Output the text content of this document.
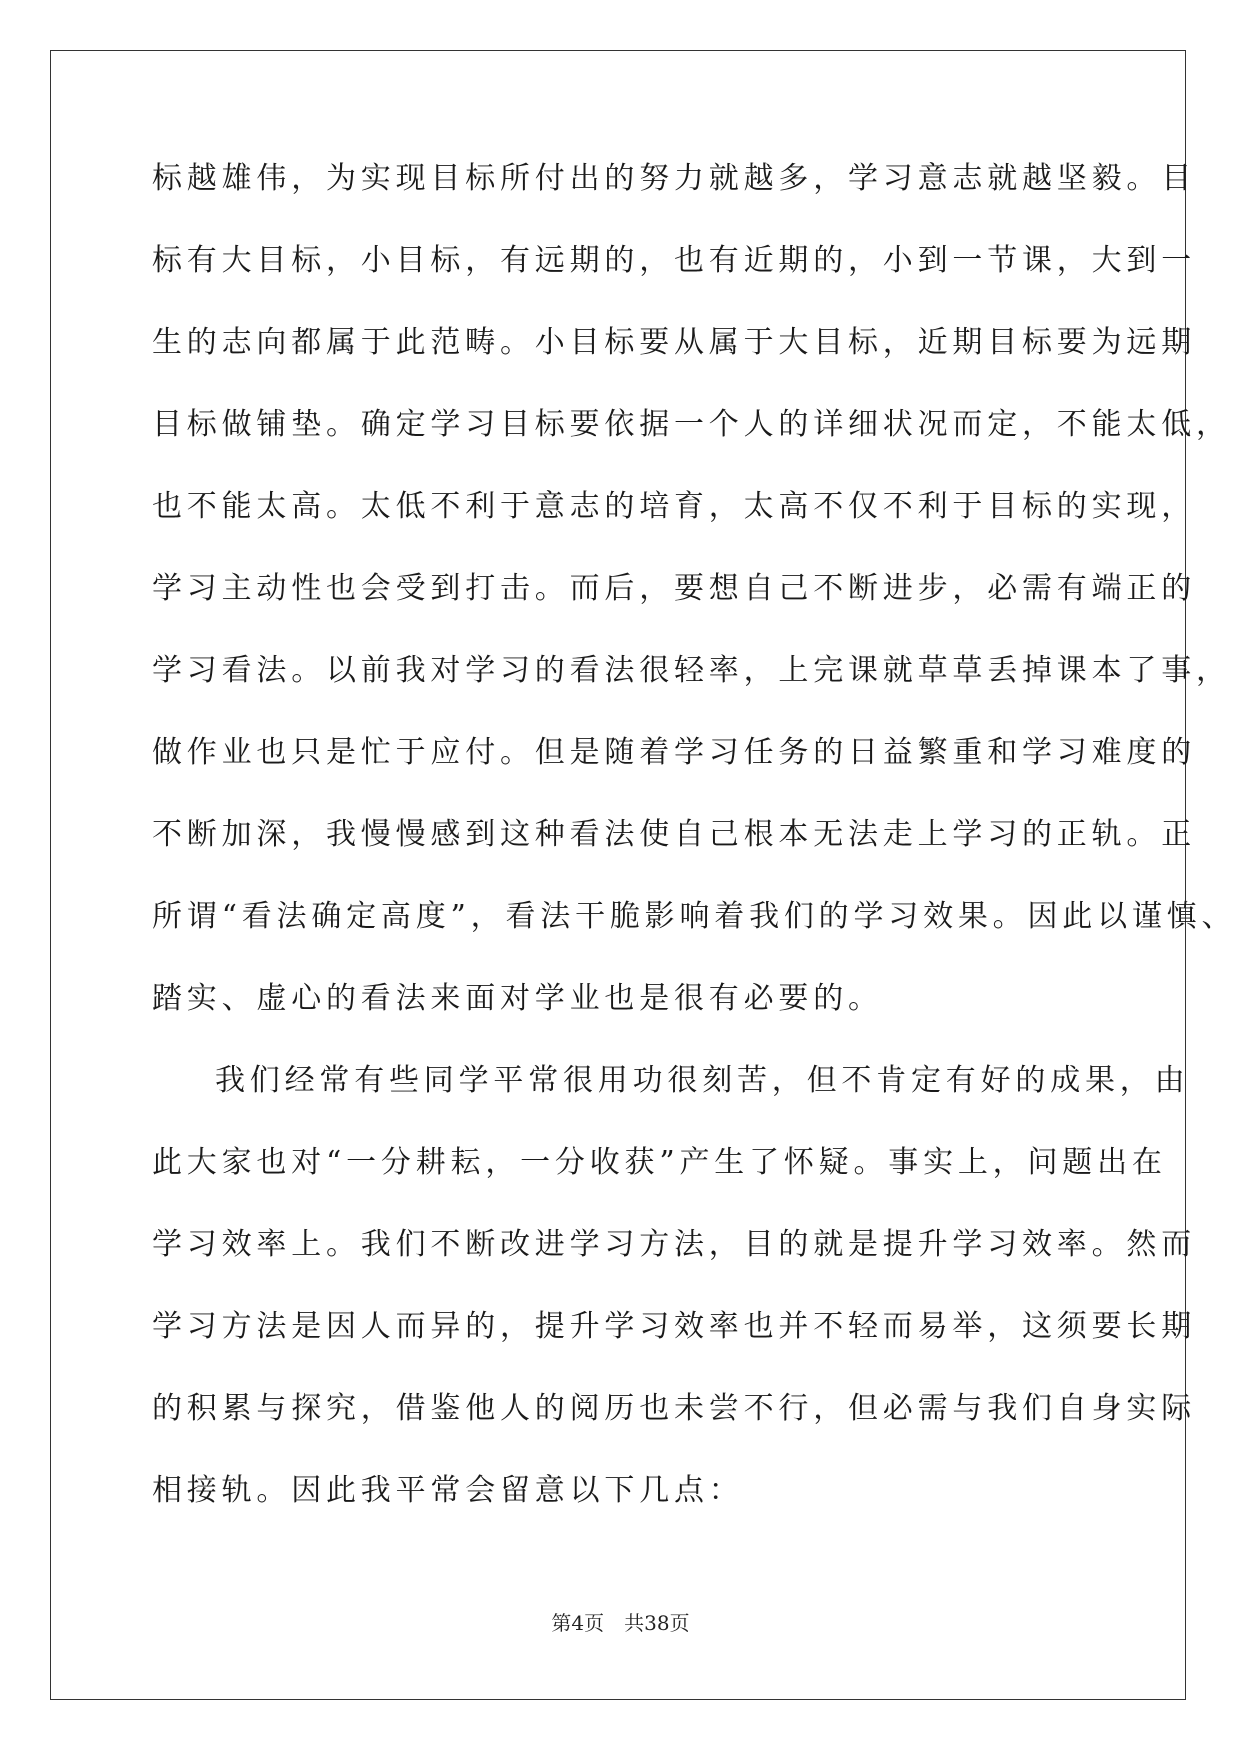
标越雄伟，为实现目标所付出的努力就越多，学习意志就越坚毅。目
标有大目标，小目标，有远期的，也有近期的，小到一节课，大到一
生的志向都属于此范畴。小目标要从属于大目标，近期目标要为远期
目标做铺垫。确定学习目标要依据一个人的详细状况而定，不能太低，
也不能太高。太低不利于意志的培育，太高不仅不利于目标的实现，
学习主动性也会受到打击。而后，要想自己不断进步，必需有端正的
学习看法。以前我对学习的看法很轻率，上完课就草草丢掉课本了事，
做作业也只是忙于应付。但是随着学习任务的日益繁重和学习难度的
不断加深，我慢慢感到这种看法使自己根本无法走上学习的正轨。正
所谓“看法确定高度”，看法干脆影响着我们的学习效果。因此以谨慎、
踏实、虚心的看法来面对学业也是很有必要的。
我们经常有些同学平常很用功很刻苦，但不肯定有好的成果，由
此大家也对“一分耕耘，一分收获”产生了怀疑。事实上，问题出在
学习效率上。我们不断改进学习方法，目的就是提升学习效率。然而
学习方法是因人而异的，提升学习效率也并不轻而易举，这须要长期
的积累与探究，借鉴他人的阅历也未尝不行，但必需与我们自身实际
相接轨。因此我平常会留意以下几点：
第4页　共38页
